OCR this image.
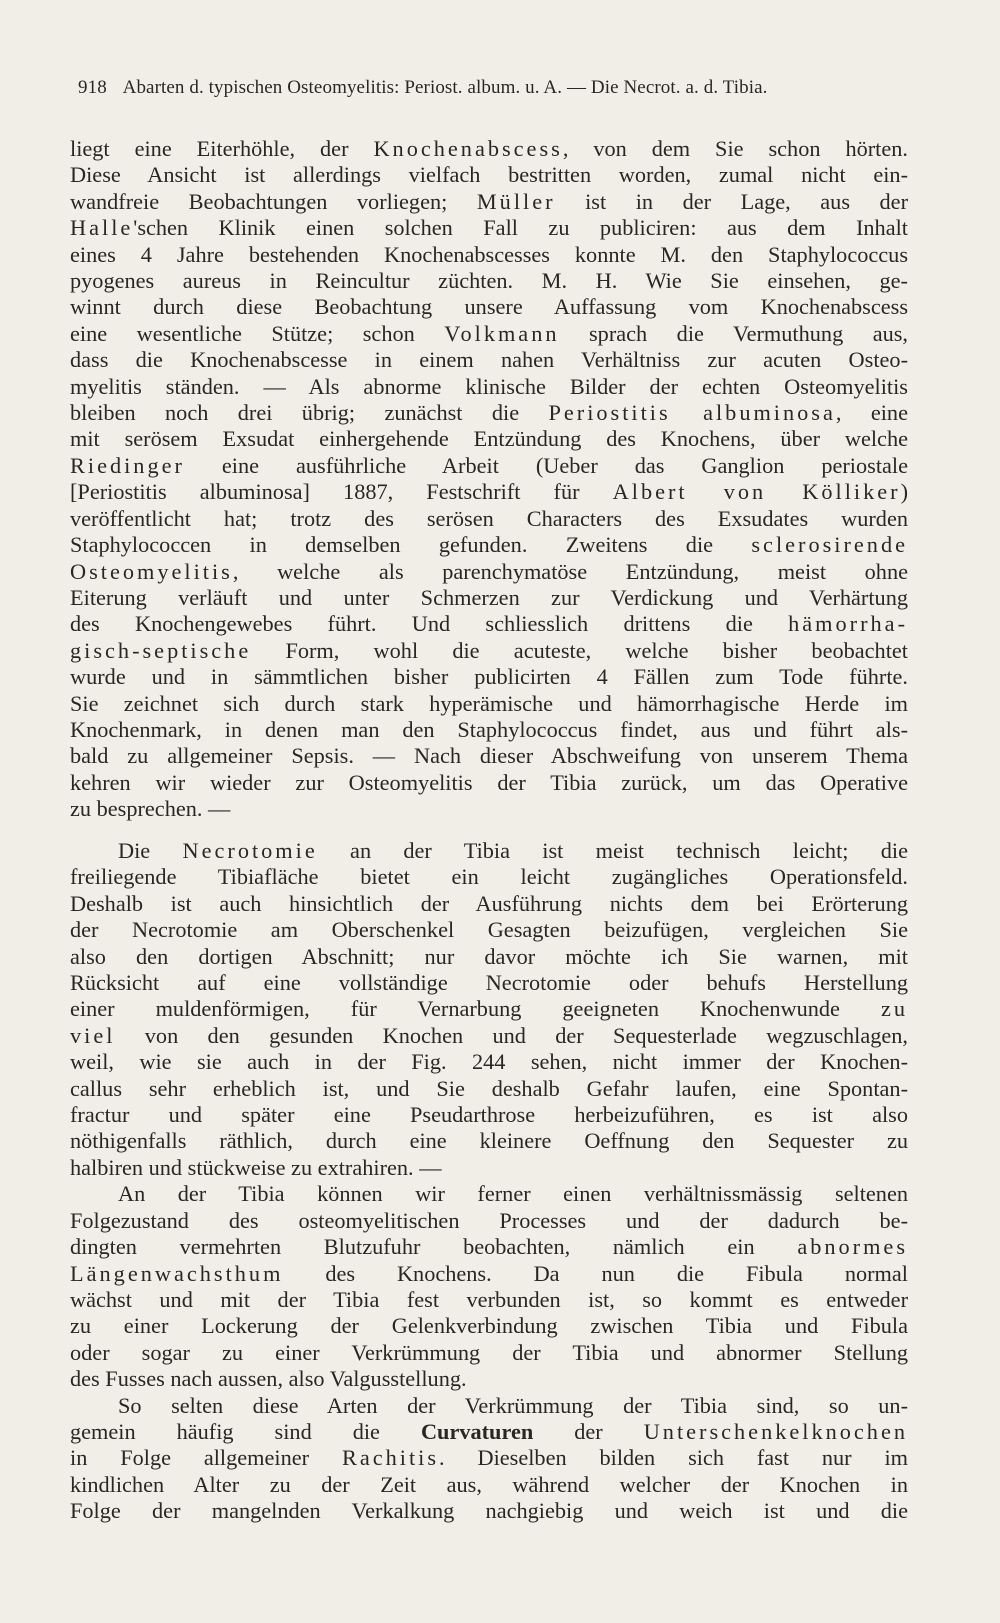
918 Abarten d. typischen Osteomyelitis: Periost. album. u. A. — Die Necrot. a. d. Tibia.
liegt eine Eiterhöhle, der Knochenabscess, von dem Sie schon hörten.
Diese Ansicht ist allerdings vielfach bestritten worden, zumal nicht ein-
wandfreie Beobachtungen vorliegen; Müller ist in der Lage, aus der
Halle'schen Klinik einen solchen Fall zu publiciren: aus dem Inhalt
eines 4 Jahre bestehenden Knochenabscesses konnte M. den Staphylococcus
pyogenes aureus in Reincultur züchten. M. H. Wie Sie einsehen, ge-
winnt durch diese Beobachtung unsere Auffassung vom Knochenabscess
eine wesentliche Stütze; schon Volkmann sprach die Vermuthung aus,
dass die Knochenabscesse in einem nahen Verhältniss zur acuten Osteo-
myelitis ständen. — Als abnorme klinische Bilder der echten Osteomyelitis
bleiben noch drei übrig; zunächst die Periostitis albuminosa, eine
mit serösem Exsudat einhergehende Entzündung des Knochens, über welche
Riedinger eine ausführliche Arbeit (Ueber das Ganglion periostale
[Periostitis albuminosa] 1887, Festschrift für Albert von Kölliker)
veröffentlicht hat; trotz des serösen Characters des Exsudates wurden
Staphylococcen in demselben gefunden. Zweitens die sclerosirende
Osteomyelitis, welche als parenchymatöse Entzündung, meist ohne
Eiterung verläuft und unter Schmerzen zur Verdickung und Verhärtung
des Knochengewebes führt. Und schliesslich drittens die hämorrha-
gisch-septische Form, wohl die acuteste, welche bisher beobachtet
wurde und in sämmtlichen bisher publicirten 4 Fällen zum Tode führte.
Sie zeichnet sich durch stark hyperämische und hämorrhagische Herde im
Knochenmark, in denen man den Staphylococcus findet, aus und führt als-
bald zu allgemeiner Sepsis. — Nach dieser Abschweifung von unserem Thema
kehren wir wieder zur Osteomyelitis der Tibia zurück, um das Operative
zu besprechen. —
Die Necrotomie an der Tibia ist meist technisch leicht; die
freiliegende Tibiafläche bietet ein leicht zugängliches Operationsfeld.
Deshalb ist auch hinsichtlich der Ausführung nichts dem bei Erörterung
der Necrotomie am Oberschenkel Gesagten beizufügen, vergleichen Sie
also den dortigen Abschnitt; nur davor möchte ich Sie warnen, mit
Rücksicht auf eine vollständige Necrotomie oder behufs Herstellung
einer muldenförmigen, für Vernarbung geeigneten Knochenwunde zu
viel von den gesunden Knochen und der Sequesterlade wegzuschlagen,
weil, wie sie auch in der Fig. 244 sehen, nicht immer der Knochen-
callus sehr erheblich ist, und Sie deshalb Gefahr laufen, eine Spontan-
fractur und später eine Pseudarthrose herbeizuführen, es ist also
nöthigenfalls räthlich, durch eine kleinere Oeffnung den Sequester zu
halbiren und stückweise zu extrahiren. —
An der Tibia können wir ferner einen verhältnissmässig seltenen
Folgezustand des osteomyelitischen Processes und der dadurch be-
dingten vermehrten Blutzufuhr beobachten, nämlich ein abnormes
Längenwachsthum des Knochens. Da nun die Fibula normal
wächst und mit der Tibia fest verbunden ist, so kommt es entweder
zu einer Lockerung der Gelenkverbindung zwischen Tibia und Fibula
oder sogar zu einer Verkrümmung der Tibia und abnormer Stellung
des Fusses nach aussen, also Valgusstellung.
So selten diese Arten der Verkrümmung der Tibia sind, so un-
gemein häufig sind die Curvaturen der Unterschenkelknochen
in Folge allgemeiner Rachitis. Dieselben bilden sich fast nur im
kindlichen Alter zu der Zeit aus, während welcher der Knochen in
Folge der mangelnden Verkalkung nachgiebig und weich ist und die
